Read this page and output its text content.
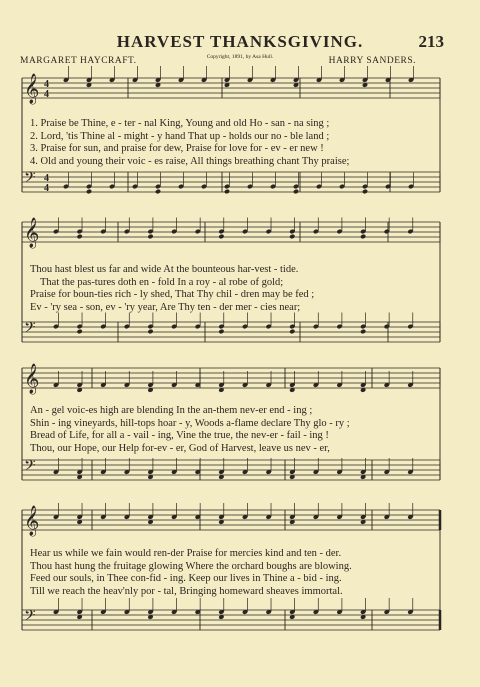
HARVEST THANKSGIVING.	213
MARGARET HAYCRAFT.	Copyright, 1891, by Asa Hull.	HARRY SANDERS.
𝄞 4
4
𝄢 4
4
𝄞
𝄢
𝄞
𝄢
𝄞
𝄢
1. Praise be Thine, e - ter - nal King, Young and old Ho - san - na sing ;
2. Lord, 'tis Thine al - might - y hand That up - holds our no - ble land ;
3. Praise for sun, and praise for dew, Praise for love for - ev - er new !
4. Old and young their voic - es raise, All things breathing chant Thy praise;
Thou hast blest us far and wide At the bounteous har-vest - tide.
That the pas-tures doth en - fold In a roy - al robe of gold;
Praise for boun-ties rich - ly shed, That Thy chil - dren may be fed ;
Ev - 'ry sea - son, ev - 'ry year, Are Thy ten - der mer - cies near;
An - gel voic-es high are blending In the an-them nev-er end - ing ;
Shin - ing vineyards, hill-tops hoar - y, Woods a-flame declare Thy glo - ry ;
Bread of Life, for all a - vail - ing, Vine the true, the nev-er - fail - ing !
Thou, our Hope, our Help for-ev - er, God of Harvest, leave us nev - er,
Hear us while we fain would ren-der Praise for mercies kind and ten - der.
Thou hast hung the fruitage glowing Where the orchard boughs are blowing.
Feed our souls, in Thee con-fid - ing. Keep our lives in Thine a - bid - ing.
Till we reach the heav'nly por - tal, Bringing homeward sheaves immortal.
